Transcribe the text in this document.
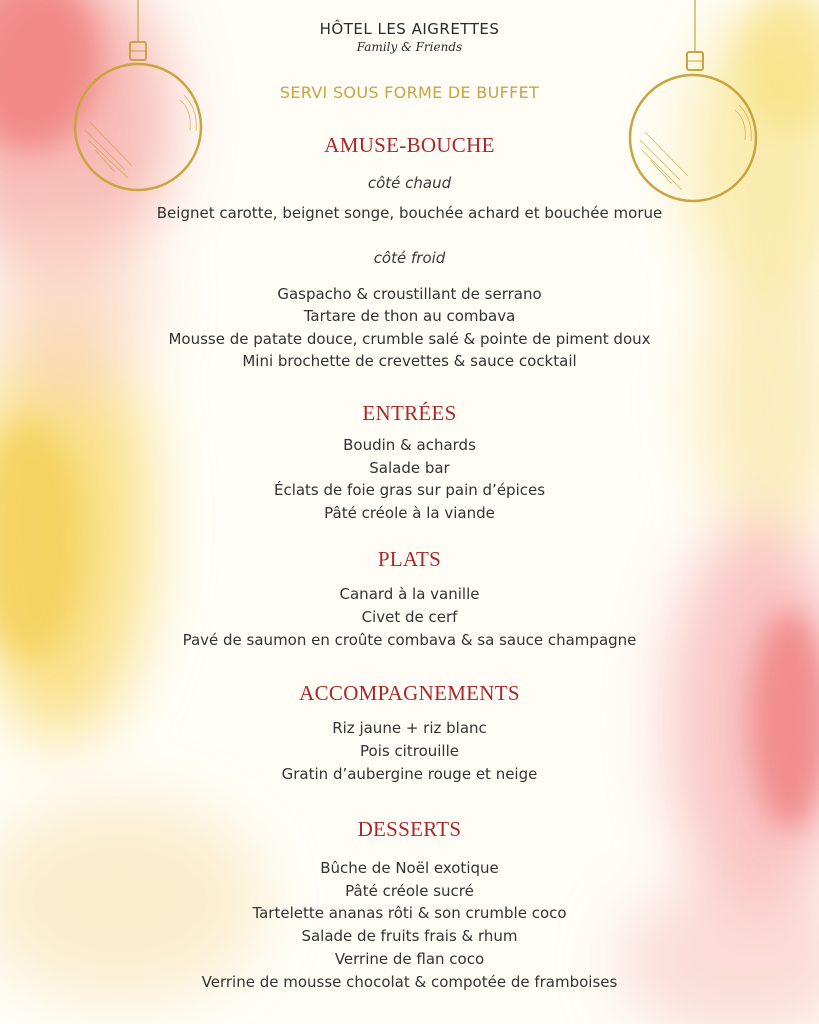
HÔTEL LES AIGRETTES
Family & Friends
SERVI SOUS FORME DE BUFFET
AMUSE-BOUCHE
côté chaud
Beignet carotte, beignet songe, bouchée achard et bouchée morue
côté froid
Gaspacho & croustillant de serrano
Tartare de thon au combava
Mousse de patate douce, crumble salé & pointe de piment doux
Mini brochette de crevettes & sauce cocktail
ENTRÉES
Boudin & achards
Salade bar
Éclats de foie gras sur pain d’épices
Pâté créole à la viande
PLATS
Canard à la vanille
Civet de cerf
Pavé de saumon en croûte combava & sa sauce champagne
ACCOMPAGNEMENTS
Riz jaune + riz blanc
Pois citrouille
Gratin d’aubergine rouge et neige
DESSERTS
Bûche de Noël exotique
Pâté créole sucré
Tartelette ananas rôti & son crumble coco
Salade de fruits frais & rhum
Verrine de flan coco
Verrine de mousse chocolat & compotée de framboises
